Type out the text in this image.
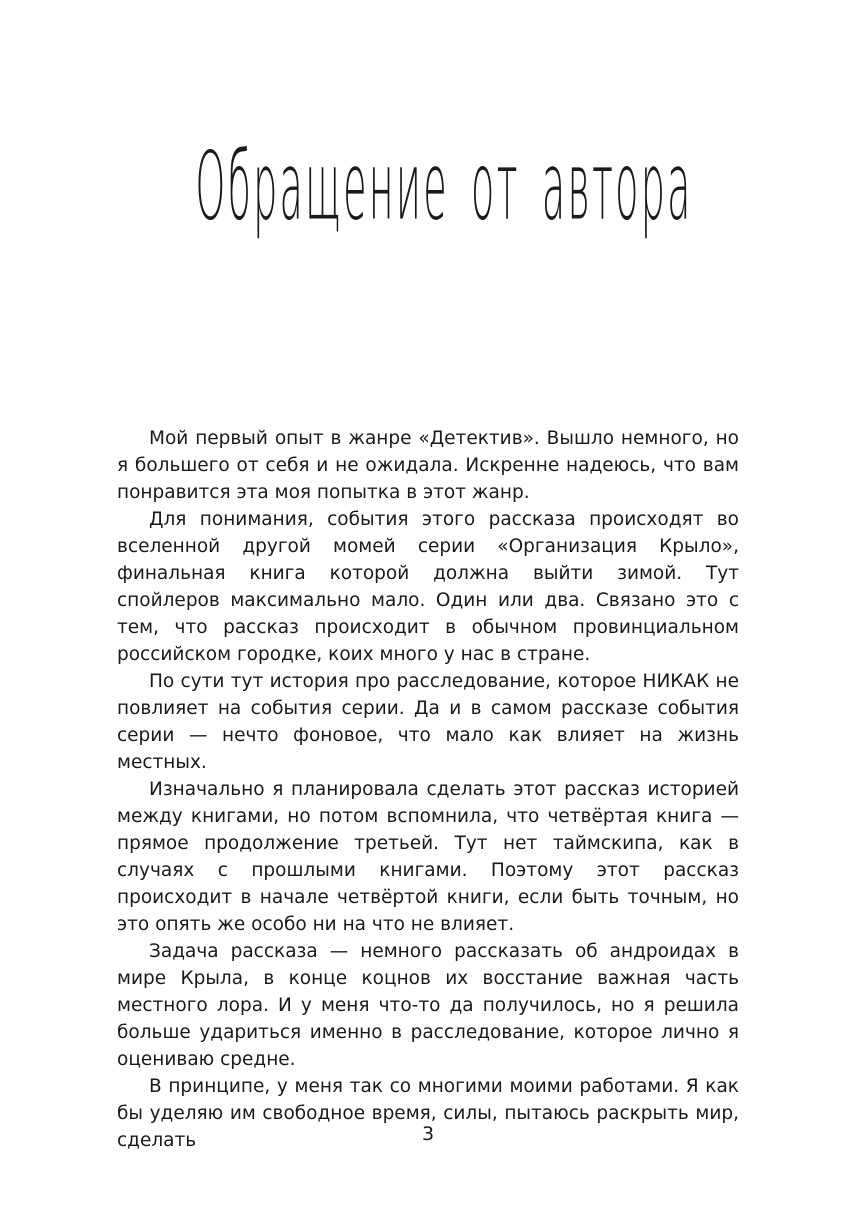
Обращение от автора

Мой первый опыт в жанре «Детектив». Вышло немного, но я большего от себя и не ожидала. Искренне надеюсь, что вам понравится эта моя попытка в этот жанр.

Для понимания, события этого рассказа происходят во вселенной другой момей серии «Организация Крыло», финальная книга которой должна выйти зимой. Тут спойлеров максимально мало. Один или два. Связано это с тем, что рассказ происходит в обычном провинциальном российском городке, коих много у нас в стране.

По сути тут история про расследование, которое НИКАК не повлияет на события серии. Да и в самом рассказе события серии — нечто фоновое, что мало как влияет на жизнь местных.

Изначально я планировала сделать этот рассказ историей между книгами, но потом вспомнила, что четвёртая книга — прямое продолжение третьей. Тут нет таймскипа, как в случаях с прошлыми книгами. Поэтому этот рассказ происходит в начале четвёртой книги, если быть точным, но это опять же особо ни на что не влияет.

Задача рассказа — немного рассказать об андроидах в мире Крыла, в конце коцнов их восстание важная часть местного лора. И у меня что-то да получилось, но я решила больше удариться именно в расследование, которое лично я оцениваю средне.

В принципе, у меня так со многими моими работами. Я как бы уделяю им свободное время, силы, пытаюсь раскрыть мир, сделать	3
